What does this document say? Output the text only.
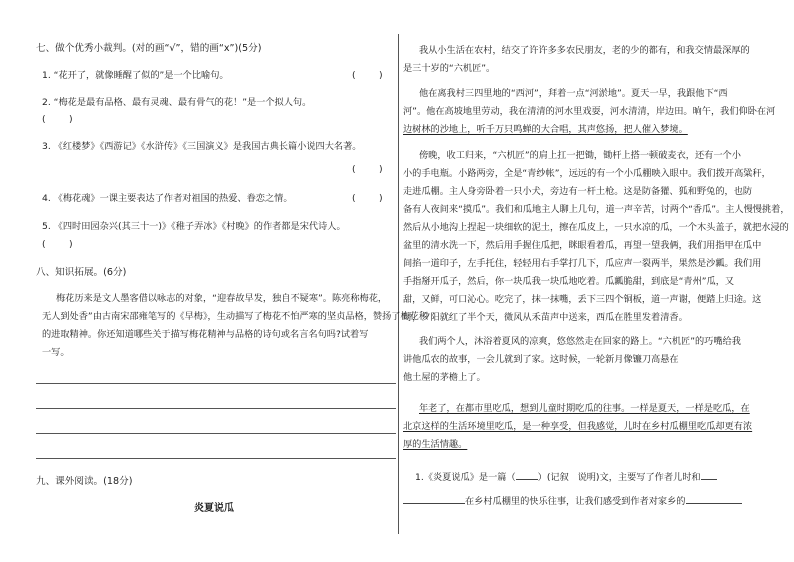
七、做个优秀小裁判。(对的画“√”，错的画“x”)(5分)
1. “花开了，就像睡醒了似的”是一个比喻句。	(        )
2. “梅花是最有品格、最有灵魂、最有骨气的花！”是一个拟人句。
(        )
3. 《红楼梦》《西游记》《水浒传》《三国演义》是我国古典长篇小说四大名著。
(        )
4. 《梅花魂》一课主要表达了作者对祖国的热爱、眷恋之情。	(        )
5. 《四时田园杂兴(其三十一)》《稚子弄冰》《村晚》的作者都是宋代诗人。
(        )
八、知识拓展。(6分)
梅花历来是文人墨客借以咏志的对象，“迎春故早发，独自不疑寒”。陈亮称梅花，
无人到处香”由古南宋邵雍笔写的《早梅》，生动描写了梅花不怕严寒的坚贞品格，赞扬了梅花积
的进取精神。你还知道哪些关于描写梅花精神与品格的诗句或名言名句吗?试着写
一写。
九、课外阅读。(18分)
炎夏说瓜
我从小生活在农村，结交了许许多多农民朋友，老的少的都有，和我交情最深厚的
是三十岁的“六机匠”。
他在离我村三四里地的“西河”，拜着一点“河淤地”。夏天一早，我跟他下“西
河”。他在高坡地里劳动，我在清清的河水里戏耍，河水清清，岸边田。晌午，我们仰卧在河
边树林的沙地上，听千万只鸣蝉的大合唱，其声悠扬，把人催入梦境。
傍晚，收工归来，“六机匠”的肩上扛一把锄，锄杆上搭一顿破麦衣，还有一个小
小的手电瓶。小路两旁，全是“青纱帐”，远远的有一个小瓜棚映入眼中。我们拨开高粱秆，
走进瓜棚。主人身旁卧着一只小犬，旁边有一杆土枪。这是防备獾、狐和野兔的，也防
备有人夜间来“摸瓜”。我们和瓜地主人聊上几句，道一声辛苦，讨两个“香瓜”。主人慢慢挑着，
然后从小地沟上捏起一块细软的泥土，擦在瓜皮上，一只水凉的瓜，一个木头盖子，就把水浸的
盆里的清水洗一下，然后用手握住瓜把，眯眼看着瓜，再望一望我俩，我们用指甲在瓜中
间掐一道印子，左手托住，轻轻用右手掌打几下，瓜应声一裂两半，果然是沙瓤。我们用
手指掰开瓜子，然后，你一块瓜我一块瓜地吃着。瓜瓤脆甜，到底是“青州”瓜，又
甜，又鲜，可口沁心。吃完了，抹一抹嘴，丢下三四个铜板，道一声谢，便踏上归途。这
时，夕阳就红了半个天，微风从禾苗声中送来，西瓜在胜里发着清香。
我们两个人，沐浴着夏风的凉爽，悠悠然走在回家的路上。“六机匠”的巧嘴给我
讲他瓜农的故事，一会儿就到了家。这时候，一轮新月像镰刀高悬在
他土屋的茅檐上了。
年老了，在都市里吃瓜，想到儿童时期吃瓜的往事。一样是夏天，一样是吃瓜，在
北京这样的生活环境里吃瓜，是一种享受，但我感觉，儿时在乡村瓜棚里吃瓜却更有浓
厚的生活情趣。
1.《炎夏说瓜》是一篇（ ）(记叙 说明)文，主要写了作者儿时和
在乡村瓜棚里的快乐往事，让我们感受到作者对家乡的
